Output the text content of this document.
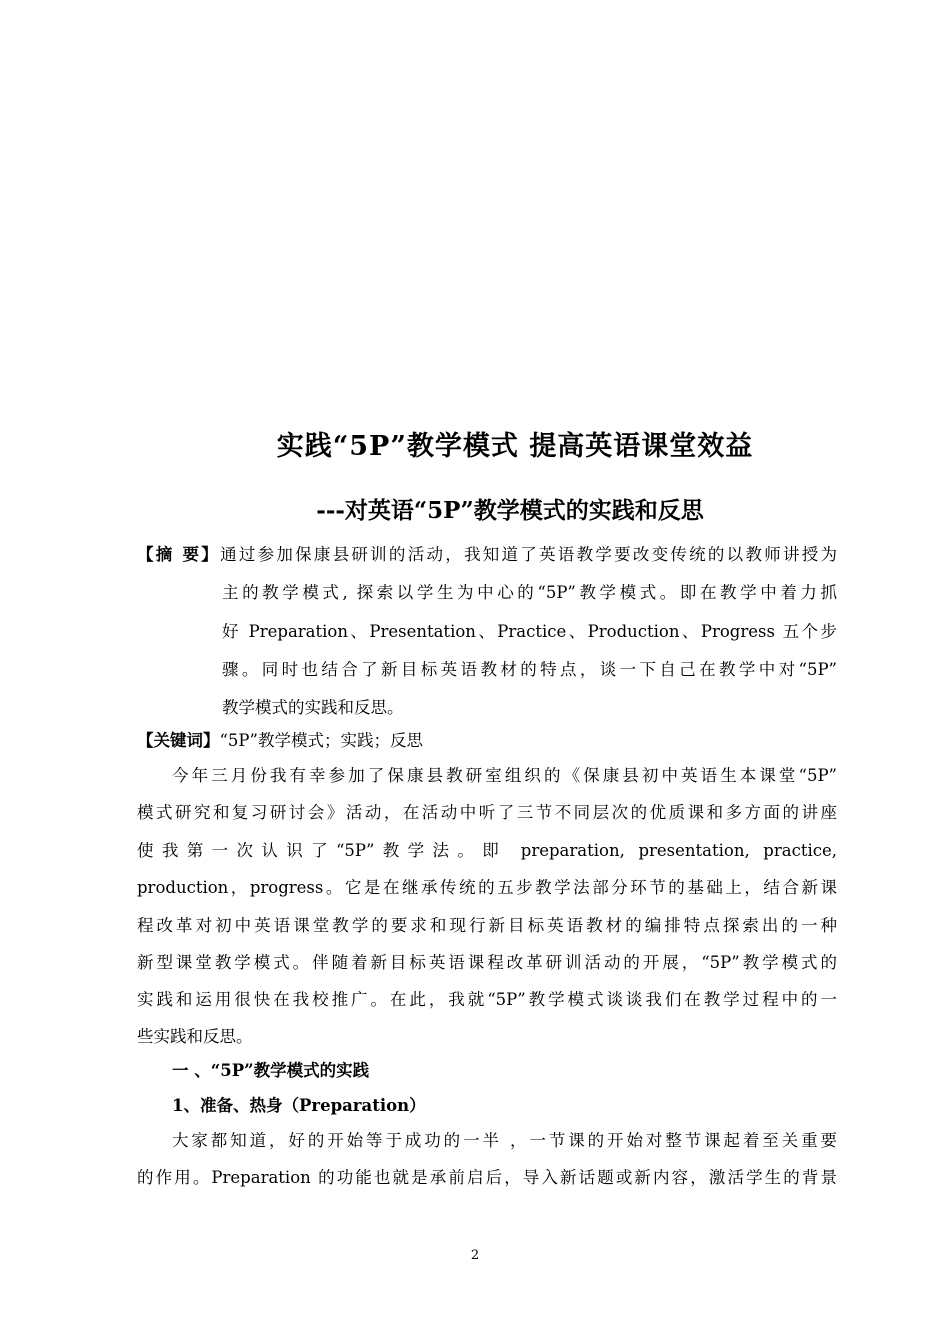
实践“5P”教学模式 提高英语课堂效益
---对英语“5P”教学模式的实践和反思
【摘 要】通过参加保康县研训的活动，我知道了英语教学要改变传统的以教师讲授为
主的教学模式, 探索以学生为中心的“5P”教学模式。即在教学中着力抓
好 Preparation、Presentation、Practice、Production、Progress 五个步
骤。同时也结合了新目标英语教材的特点，谈一下自己在教学中对“5P”
教学模式的实践和反思。
【关键词】“5P”教学模式；实践；反思
今年三月份我有幸参加了保康县教研室组织的《保康县初中英语生本课堂“5P”
模式研究和复习研讨会》活动，在活动中听了三节不同层次的优质课和多方面的讲座
使我第一次认识了“5P”教学法。即 preparation, presentation, practice,
production，progress。它是在继承传统的五步教学法部分环节的基础上，结合新课
程改革对初中英语课堂教学的要求和现行新目标英语教材的编排特点探索出的一种
新型课堂教学模式。伴随着新目标英语课程改革研训活动的开展，“5P”教学模式的
实践和运用很快在我校推广。在此，我就“5P”教学模式谈谈我们在教学过程中的一
些实践和反思。
一 、“5P”教学模式的实践
1、准备、热身（Preparation）
大家都知道，好的开始等于成功的一半 ，一节课的开始对整节课起着至关重要
的作用。Preparation 的功能也就是承前启后，导入新话题或新内容，激活学生的背景
2
